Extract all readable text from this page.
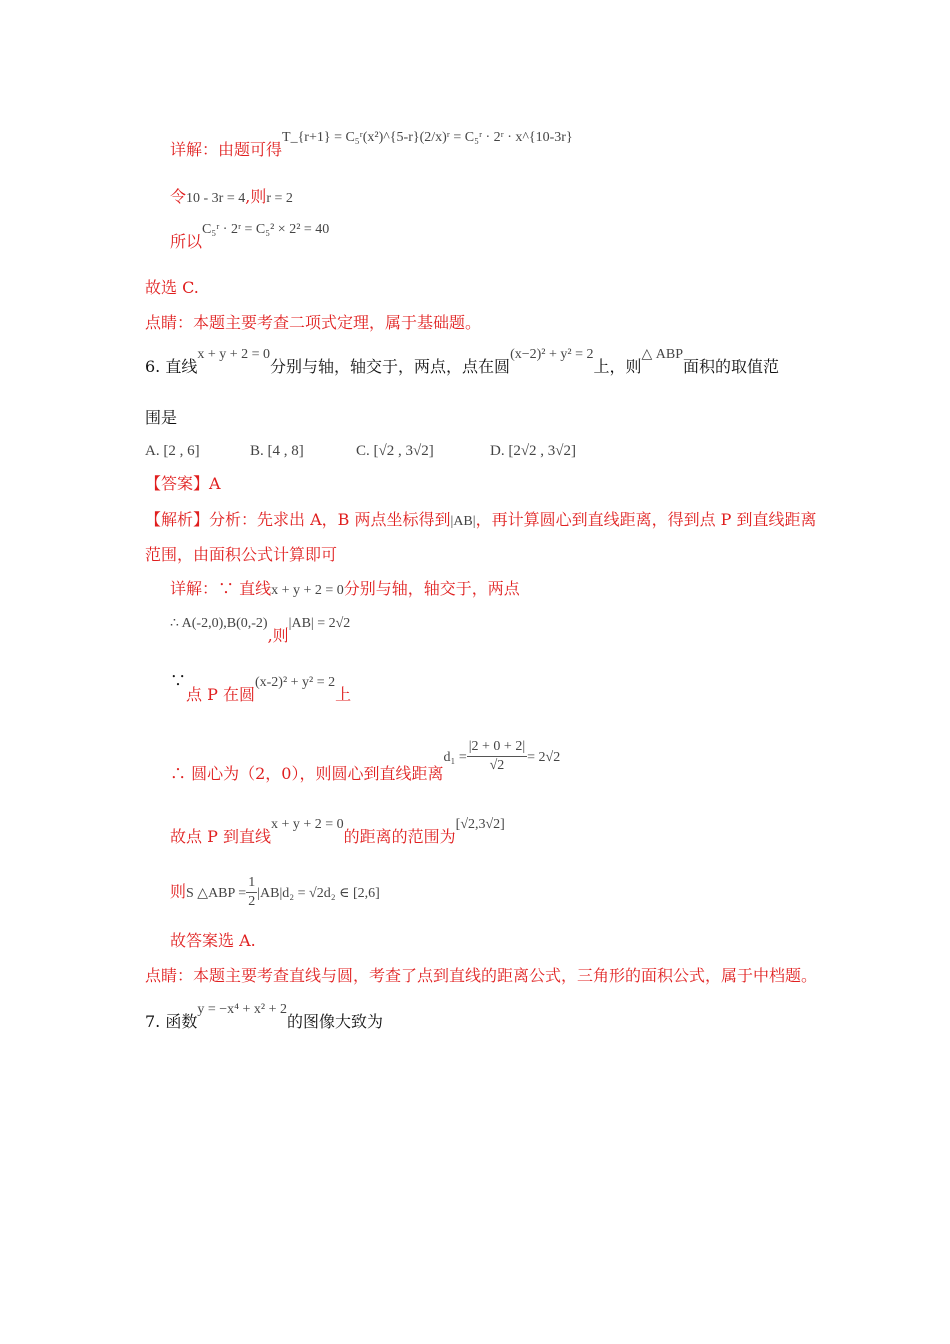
详解：由题可得T_{r+1} = C₅ʳ(x²)^{5-r}(2/x)ʳ = C₅ʳ · 2ʳ · x^{10-3r}
令10 - 3r = 4,则r = 2
所以C₅ʳ · 2ʳ = C₅² × 2² = 40
故选 C.
点睛：本题主要考查二项式定理，属于基础题。
6. 直线x + y + 2 = 0分别与轴，轴交于，两点，点在圆(x−2)² + y² = 2上，则△ ABP面积的取值范
围是
A. [2 , 6]	B. [4 , 8]	C. [√2 , 3√2]	D. [2√2 , 3√2]
【答案】A
【解析】分析：先求出 A，B 两点坐标得到|AB|，再计算圆心到直线距离，得到点 P 到直线距离
范围，由面积公式计算即可
详解：∵ 直线x + y + 2 = 0分别与轴，轴交于，两点
∴ A(-2,0),B(0,-2),则|AB| = 2√2
∵点 P 在圆(x-2)² + y² = 2上
∴ 圆心为（2，0），则圆心到直线距离$d_1 = \frac{|2 + 0 + 2|}{√2} = 2√2$
故点 P 到直线x + y + 2 = 0的距离的范围为[√2,3√2]
则S △ABP = $\frac{1}{2} |AB|d_2 = √2d_2$ ∈ [2,6]
故答案选 A.
点睛：本题主要考查直线与圆，考查了点到直线的距离公式，三角形的面积公式，属于中档题。
7. 函数y = −x⁴ + x² + 2的图像大致为
